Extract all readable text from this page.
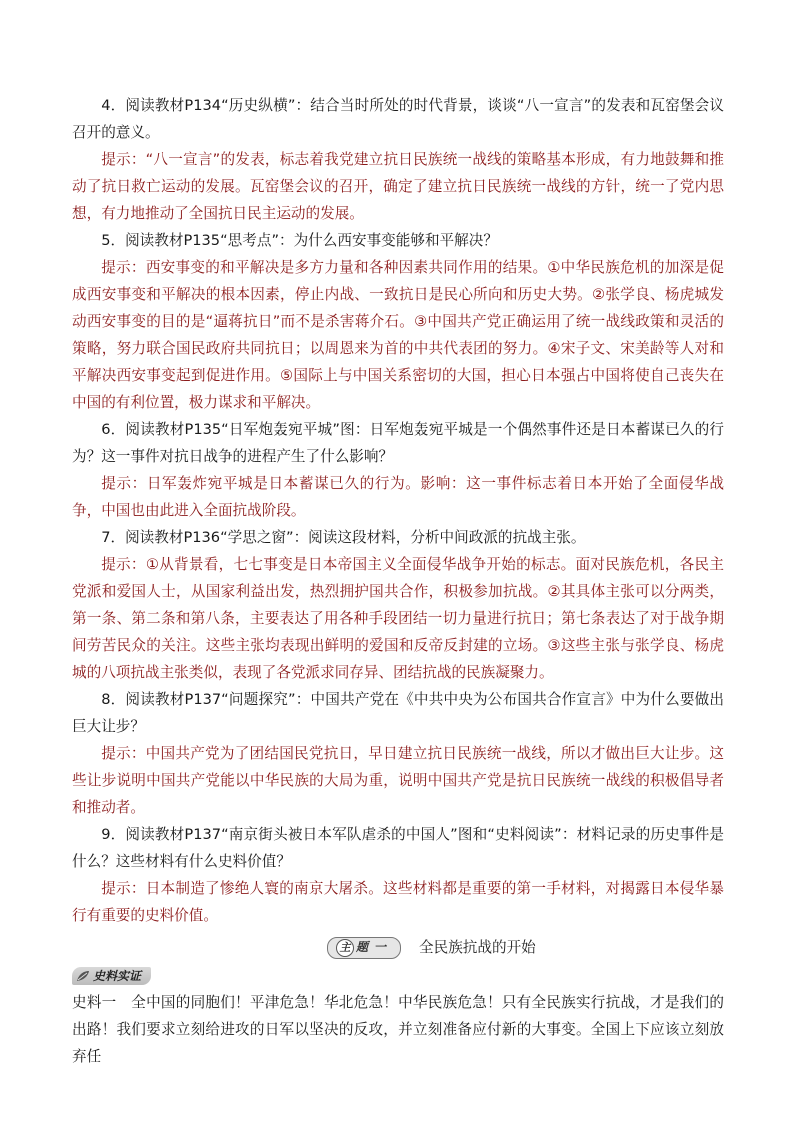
4．阅读教材P134“历史纵横”：结合当时所处的时代背景，谈谈“八一宣言”的发表和瓦窑堡会议召开的意义。

提示：“八一宣言”的发表，标志着我党建立抗日民族统一战线的策略基本形成，有力地鼓舞和推动了抗日救亡运动的发展。瓦窑堡会议的召开，确定了建立抗日民族统一战线的方针，统一了党内思想，有力地推动了全国抗日民主运动的发展。

5．阅读教材P135“思考点”：为什么西安事变能够和平解决？

提示：西安事变的和平解决是多方力量和各种因素共同作用的结果。①中华民族危机的加深是促成西安事变和平解决的根本因素，停止内战、一致抗日是民心所向和历史大势。②张学良、杨虎城发动西安事变的目的是“逼蒋抗日”而不是杀害蒋介石。③中国共产党正确运用了统一战线政策和灵活的策略，努力联合国民政府共同抗日；以周恩来为首的中共代表团的努力。④宋子文、宋美龄等人对和平解决西安事变起到促进作用。⑤国际上与中国关系密切的大国，担心日本强占中国将使自己丧失在中国的有利位置，极力谋求和平解决。

6．阅读教材P135“日军炮轰宛平城”图：日军炮轰宛平城是一个偶然事件还是日本蓄谋已久的行为？这一事件对抗日战争的进程产生了什么影响？

提示：日军轰炸宛平城是日本蓄谋已久的行为。影响：这一事件标志着日本开始了全面侵华战争，中国也由此进入全面抗战阶段。

7．阅读教材P136“学思之窗”：阅读这段材料，分析中间政派的抗战主张。

提示：①从背景看，七七事变是日本帝国主义全面侵华战争开始的标志。面对民族危机，各民主党派和爱国人士，从国家利益出发，热烈拥护国共合作，积极参加抗战。②其具体主张可以分两类，第一条、第二条和第八条，主要表达了用各种手段团结一切力量进行抗日；第七条表达了对于战争期间劳苦民众的关注。这些主张均表现出鲜明的爱国和反帝反封建的立场。③这些主张与张学良、杨虎城的八项抗战主张类似，表现了各党派求同存异、团结抗战的民族凝聚力。

8．阅读教材P137“问题探究”：中国共产党在《中共中央为公布国共合作宣言》中为什么要做出巨大让步？

提示：中国共产党为了团结国民党抗日，早日建立抗日民族统一战线，所以才做出巨大让步。这些让步说明中国共产党能以中华民族的大局为重，说明中国共产党是抗日民族统一战线的积极倡导者和推动者。

9．阅读教材P137“南京街头被日本军队虐杀的中国人”图和“史料阅读”：材料记录的历史事件是什么？这些材料有什么史料价值？

提示：日本制造了惨绝人寰的南京大屠杀。这些材料都是重要的第一手材料，对揭露日本侵华暴行有重要的史料价值。

主 题一 全民族抗战的开始
史料实证

史料一  全中国的同胞们！平津危急！华北危急！中华民族危急！只有全民族实行抗战，才是我们的出路！我们要求立刻给进攻的日军以坚决的反攻，并立刻准备应付新的大事变。全国上下应该立刻放弃任
